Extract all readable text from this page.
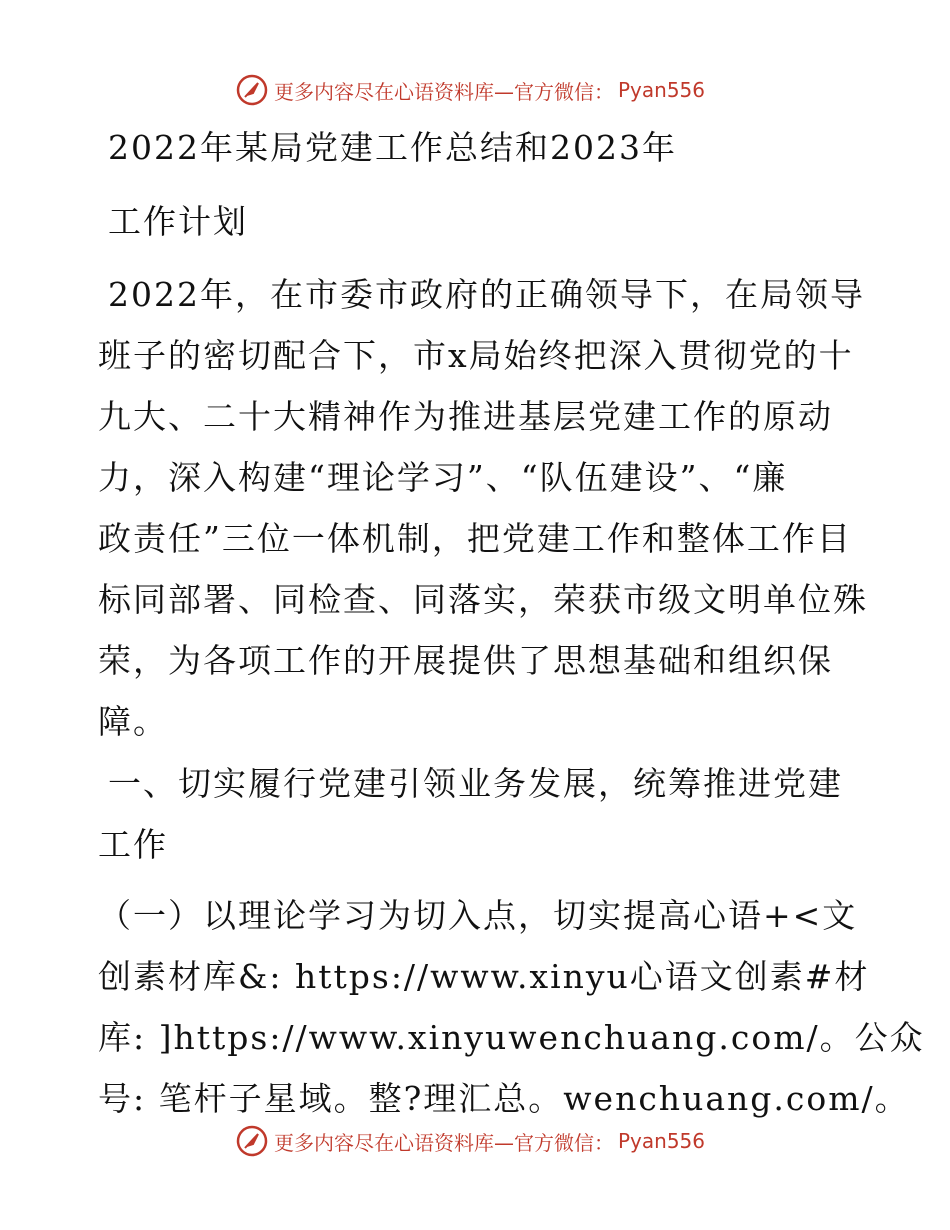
更多内容尽在心语资料库—官方微信： Pyan556
2022年某局党建工作总结和2023年
工作计划
2022年，在市委市政府的正确领导下，在局领导
班子的密切配合下，市x局始终把深入贯彻党的十
九大、二十大精神作为推进基层党建工作的原动
力，深入构建“理论学习”、“队伍建设”、“廉
政责任”三位一体机制，把党建工作和整体工作目
标同部署、同检查、同落实，荣获市级文明单位殊
荣，为各项工作的开展提供了思想基础和组织保
障。
一、切实履行党建引领业务发展，统筹推进党建
工作
（一）以理论学习为切入点，切实提高心语+<文
创素材库&: https://www.xinyu心语文创素#材
库: ]https://www.xinyuwenchuang.com/。公众
号: 笔杆子星域。整?理汇总。wenchuang.com/。
更多内容尽在心语资料库—官方微信： Pyan556
